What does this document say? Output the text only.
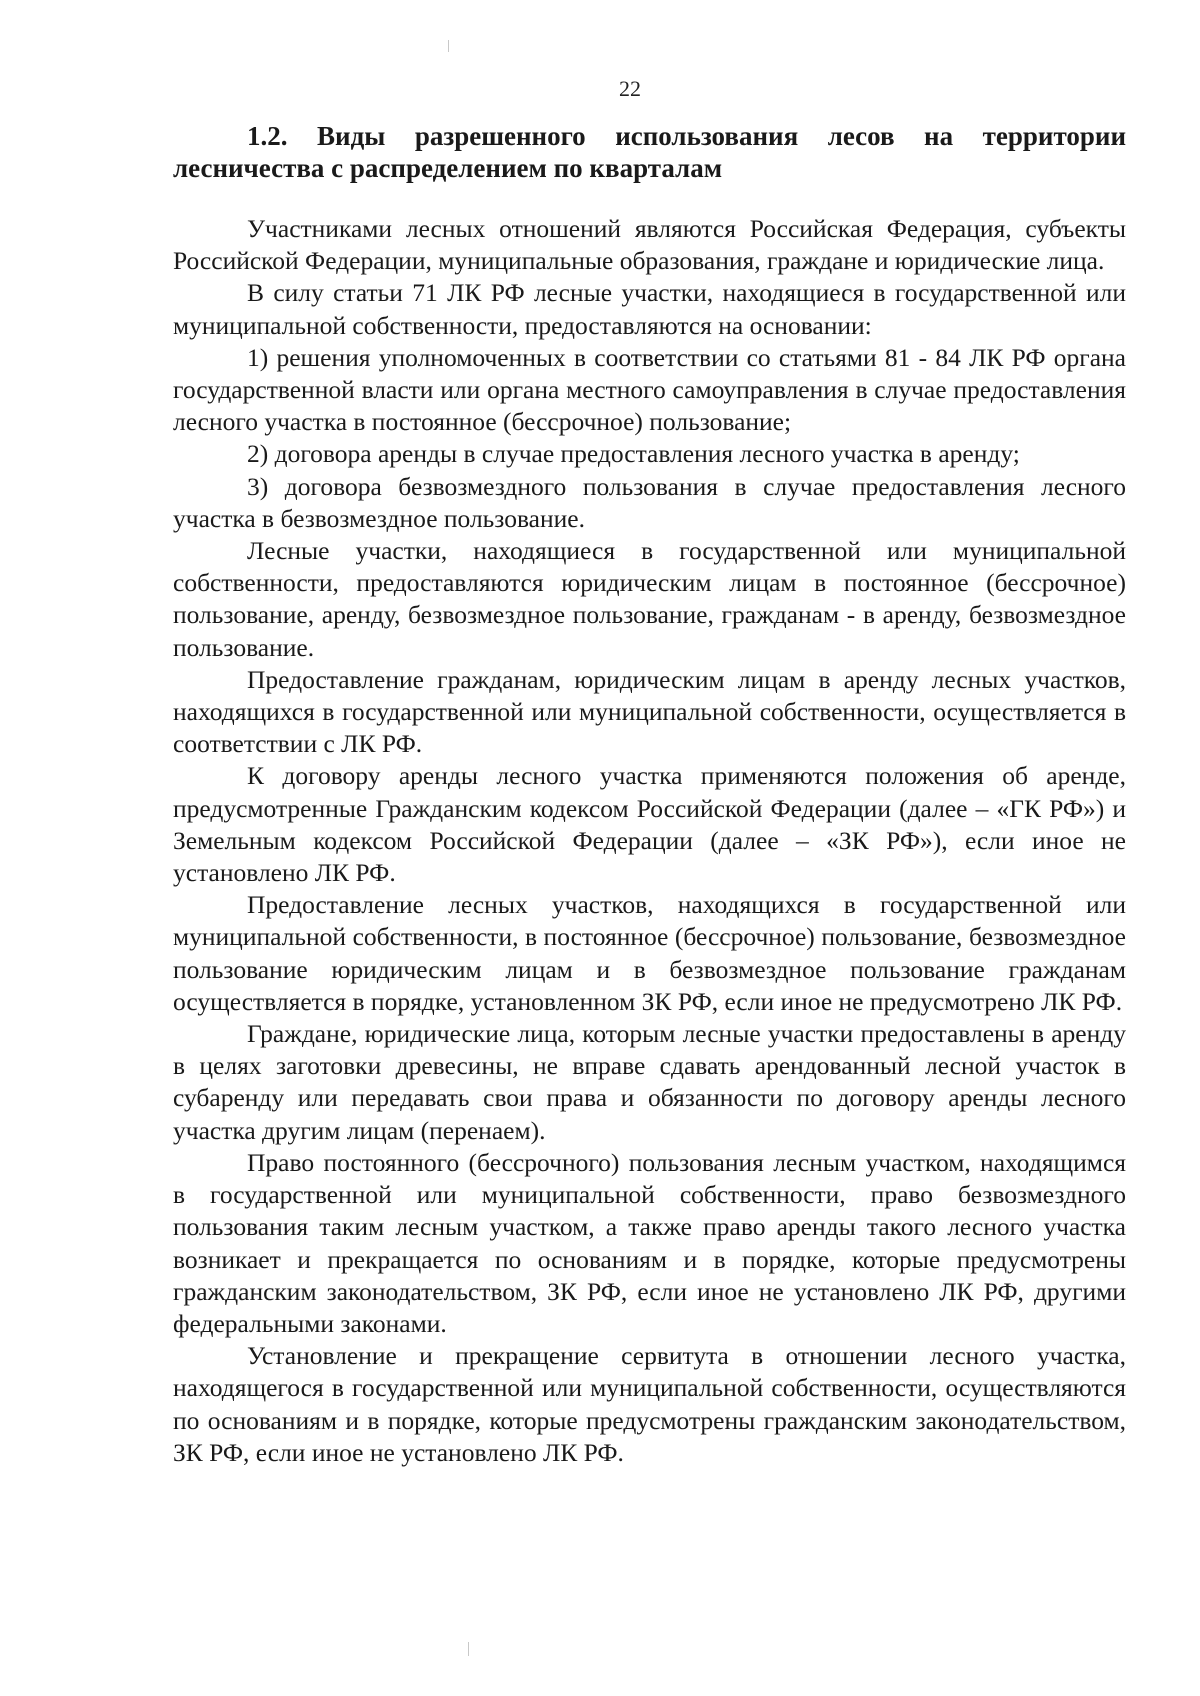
22
1.2. Виды разрешенного использования лесов на территории лесничества с распределением по кварталам

Участниками лесных отношений являются Российская Федерация, субъекты Российской Федерации, муниципальные образования, граждане и юридические лица.

В силу статьи 71 ЛК РФ лесные участки, находящиеся в государственной или муниципальной собственности, предоставляются на основании:

1) решения уполномоченных в соответствии со статьями 81 - 84 ЛК РФ органа государственной власти или органа местного самоуправления в случае предоставления лесного участка в постоянное (бессрочное) пользование;

2) договора аренды в случае предоставления лесного участка в аренду;

3) договора безвозмездного пользования в случае предоставления лесного участка в безвозмездное пользование.

Лесные участки, находящиеся в государственной или муниципальной собственности, предоставляются юридическим лицам в постоянное (бессрочное) пользование, аренду, безвозмездное пользование, гражданам - в аренду, безвозмездное пользование.

Предоставление гражданам, юридическим лицам в аренду лесных участков, находящихся в государственной или муниципальной собственности, осуществляется в соответствии с ЛК РФ.

К договору аренды лесного участка применяются положения об аренде, предусмотренные Гражданским кодексом Российской Федерации (далее – «ГК РФ») и Земельным кодексом Российской Федерации (далее – «ЗК РФ»), если иное не установлено ЛК РФ.

Предоставление лесных участков, находящихся в государственной или муниципальной собственности, в постоянное (бессрочное) пользование, безвозмездное пользование юридическим лицам и в безвозмездное пользование гражданам осуществляется в порядке, установленном ЗК РФ, если иное не предусмотрено ЛК РФ.

Граждане, юридические лица, которым лесные участки предоставлены в аренду в целях заготовки древесины, не вправе сдавать арендованный лесной участок в субаренду или передавать свои права и обязанности по договору аренды лесного участка другим лицам (перенаем).

Право постоянного (бессрочного) пользования лесным участком, находящимся в государственной или муниципальной собственности, право безвозмездного пользования таким лесным участком, а также право аренды такого лесного участка возникает и прекращается по основаниям и в порядке, которые предусмотрены гражданским законодательством, ЗК РФ, если иное не установлено ЛК РФ, другими федеральными законами.

Установление и прекращение сервитута в отношении лесного участка, находящегося в государственной или муниципальной собственности, осуществляются по основаниям и в порядке, которые предусмотрены гражданским законодательством, ЗК РФ, если иное не установлено ЛК РФ.
